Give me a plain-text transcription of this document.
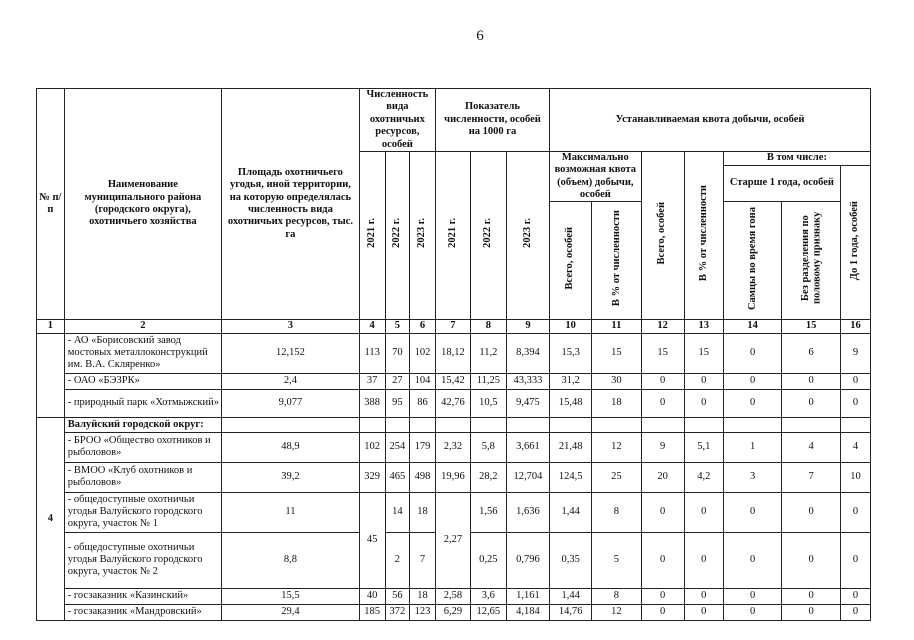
6
№ п/п	Наименование муниципального района (городского округа), охотничьего хозяйства	Площадь охотничьего угодья, иной территории, на которую определялась численность вида охотничьих ресурсов, тыс. га	Численность вида охотничьих ресурсов, особей			Показатель численности, особей на 1000 га			Устанавливаемая квота добычи, особей						
			2021 г.	2022 г.	2023 г.	2021 г.	2022 г.	2023 г.	Максимально возможная квота (объем) добычи, особей		Всего, особей	В % от численности	В том числе:		
													Старше 1 года, особей		До 1 года, особей
									Всего, особей	В % от численности			Самцы во время гона	Без разделения по половому признаку	
1	2	3	4	5	6	7	8	9	10	11	12	13	14	15	16
	- АО «Борисовский завод мостовых металлоконструкций им. В.А. Скляренко»	12,152	113	70	102	18,12	11,2	8,394	15,3	15	15	15	0	6	9
	- ОАО «БЭЗРК»	2,4	37	27	104	15,42	11,25	43,333	31,2	30	0	0	0	0	0
	- природный парк «Хотмыжский»	9,077	388	95	86	42,76	10,5	9,475	15,48	18	0	0	0	0	0
4	Валуйский городской округ:														
	- БРОО «Общество охотников и рыболовов»	48,9	102	254	179	2,32	5,8	3,661	21,48	12	9	5,1	1	4	4
	- ВМОО «Клуб охотников и рыболовов»	39,2	329	465	498	19,96	28,2	12,704	124,5	25	20	4,2	3	7	10
	- общедоступные охотничьи угодья Валуйского городского округа, участок № 1	11	45	14	18	2,27	1,56	1,636	1,44	8	0	0	0	0	0
	- общедоступные охотничьи угодья Валуйского городского округа, участок № 2	8,8		2	7		0,25	0,796	0,35	5	0	0	0	0	0
	- госзаказник «Казинский»	15,5	40	56	18	2,58	3,6	1,161	1,44	8	0	0	0	0	0
	- госзаказник «Мандровский»	29,4	185	372	123	6,29	12,65	4,184	14,76	12	0	0	0	0	0
